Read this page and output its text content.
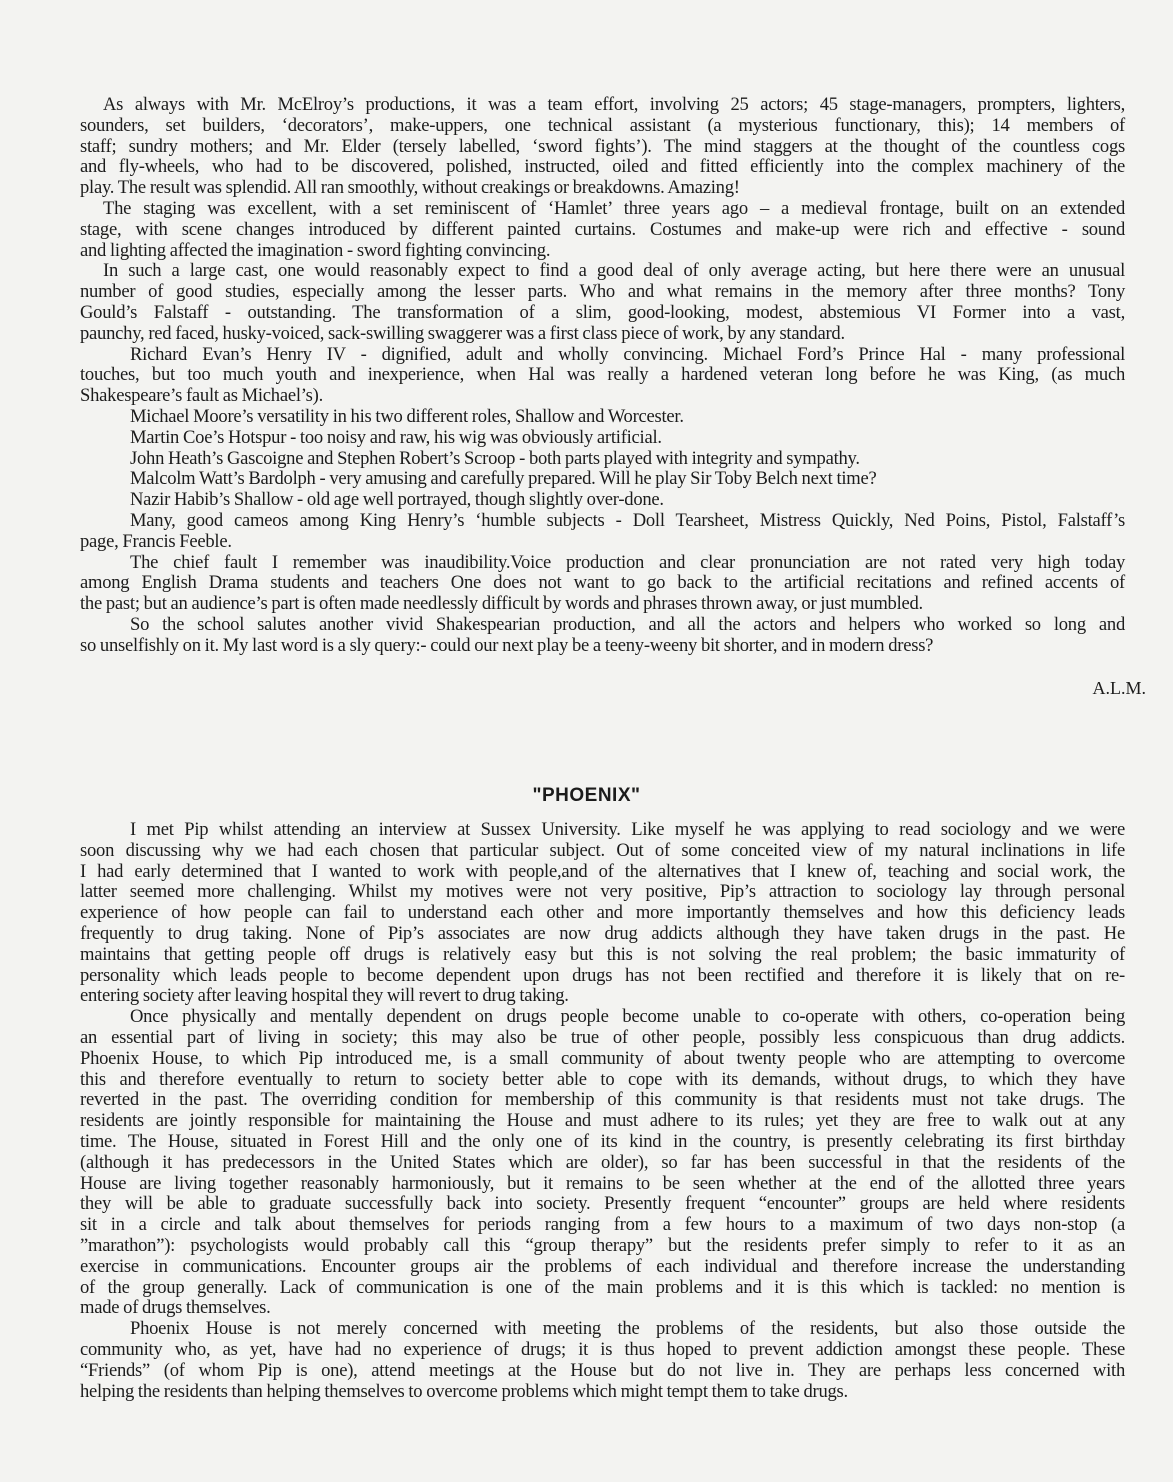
As always with Mr. McElroy’s productions, it was a team effort, involving 25 actors; 45 stage-managers, prompters, lighters,
sounders, set builders, ‘decorators’, make-uppers, one technical assistant (a mysterious functionary, this); 14 members of
staff; sundry mothers; and Mr. Elder (tersely labelled, ‘sword fights’). The mind staggers at the thought of the countless cogs
and fly-wheels, who had to be discovered, polished, instructed, oiled and fitted efficiently into the complex machinery of the
play. The result was splendid. All ran smoothly, without creakings or breakdowns. Amazing!
The staging was excellent, with a set reminiscent of ‘Hamlet’ three years ago – a medieval frontage, built on an extended
stage, with scene changes introduced by different painted curtains. Costumes and make-up were rich and effective - sound
and lighting affected the imagination - sword fighting convincing.
In such a large cast, one would reasonably expect to find a good deal of only average acting, but here there were an unusual
number of good studies, especially among the lesser parts. Who and what remains in the memory after three months? Tony
Gould’s Falstaff - outstanding. The transformation of a slim, good-looking, modest, abstemious VI Former into a vast,
paunchy, red faced, husky-voiced, sack-swilling swaggerer was a first class piece of work, by any standard.
Richard Evan’s Henry IV - dignified, adult and wholly convincing. Michael Ford’s Prince Hal - many professional
touches, but too much youth and inexperience, when Hal was really a hardened veteran long before he was King, (as much
Shakespeare’s fault as Michael’s).
Michael Moore’s versatility in his two different roles, Shallow and Worcester.
Martin Coe’s Hotspur - too noisy and raw, his wig was obviously artificial.
John Heath’s Gascoigne and Stephen Robert’s Scroop - both parts played with integrity and sympathy.
Malcolm Watt’s Bardolph - very amusing and carefully prepared. Will he play Sir Toby Belch next time?
Nazir Habib’s Shallow - old age well portrayed, though slightly over-done.
Many, good cameos among King Henry’s ‘humble subjects - Doll Tearsheet, Mistress Quickly, Ned Poins, Pistol, Falstaff’s
page, Francis Feeble.
The chief fault I remember was inaudibility.Voice production and clear pronunciation are not rated very high today
among English Drama students and teachers One does not want to go back to the artificial recitations and refined accents of
the past; but an audience’s part is often made needlessly difficult by words and phrases thrown away, or just mumbled.
So the school salutes another vivid Shakespearian production, and all the actors and helpers who worked so long and
so unselfishly on it. My last word is a sly query:- could our next play be a teeny-weeny bit shorter, and in modern dress?
A.L.M.
"PHOENIX"
I met Pip whilst attending an interview at Sussex University. Like myself he was applying to read sociology and we were
soon discussing why we had each chosen that particular subject. Out of some conceited view of my natural inclinations in life
I had early determined that I wanted to work with people,and of the alternatives that I knew of, teaching and social work, the
latter seemed more challenging. Whilst my motives were not very positive, Pip’s attraction to sociology lay through personal
experience of how people can fail to understand each other and more importantly themselves and how this deficiency leads
frequently to drug taking. None of Pip’s associates are now drug addicts although they have taken drugs in the past. He
maintains that getting people off drugs is relatively easy but this is not solving the real problem; the basic immaturity of
personality which leads people to become dependent upon drugs has not been rectified and therefore it is likely that on re-
entering society after leaving hospital they will revert to drug taking.
Once physically and mentally dependent on drugs people become unable to co-operate with others, co-operation being
an essential part of living in society; this may also be true of other people, possibly less conspicuous than drug addicts.
Phoenix House, to which Pip introduced me, is a small community of about twenty people who are attempting to overcome
this and therefore eventually to return to society better able to cope with its demands, without drugs, to which they have
reverted in the past. The overriding condition for membership of this community is that residents must not take drugs. The
residents are jointly responsible for maintaining the House and must adhere to its rules; yet they are free to walk out at any
time. The House, situated in Forest Hill and the only one of its kind in the country, is presently celebrating its first birthday
(although it has predecessors in the United States which are older), so far has been successful in that the residents of the
House are living together reasonably harmoniously, but it remains to be seen whether at the end of the allotted three years
they will be able to graduate successfully back into society. Presently frequent “encounter” groups are held where residents
sit in a circle and talk about themselves for periods ranging from a few hours to a maximum of two days non-stop (a
”marathon”): psychologists would probably call this “group therapy” but the residents prefer simply to refer to it as an
exercise in communications. Encounter groups air the problems of each individual and therefore increase the understanding
of the group generally. Lack of communication is one of the main problems and it is this which is tackled: no mention is
made of drugs themselves.
Phoenix House is not merely concerned with meeting the problems of the residents, but also those outside the
community who, as yet, have had no experience of drugs; it is thus hoped to prevent addiction amongst these people. These
“Friends” (of whom Pip is one), attend meetings at the House but do not live in. They are perhaps less concerned with
helping the residents than helping themselves to overcome problems which might tempt them to take drugs.
